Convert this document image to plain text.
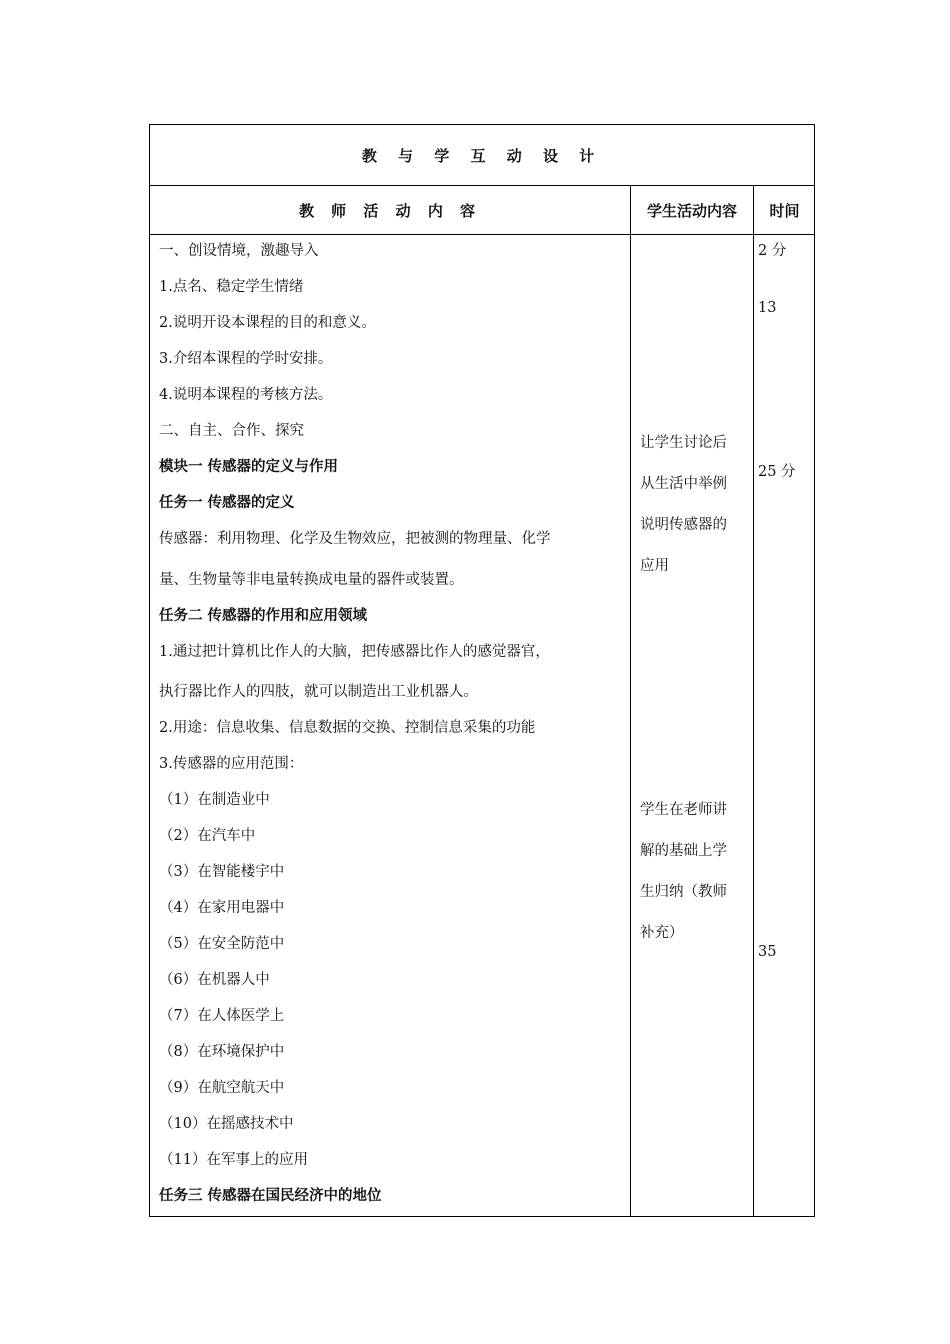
教 与 学 互 动 设 计
教 师 活 动 内 容	学生活动内容	时间
一、创设情境，激趣导入
1.点名、稳定学生情绪
2.说明开设本课程的目的和意义。
3.介绍本课程的学时安排。
4.说明本课程的考核方法。
二、自主、合作、探究
模块一 传感器的定义与作用
任务一 传感器的定义
传感器：利用物理、化学及生物效应，把被测的物理量、化学
量、生物量等非电量转换成电量的器件或装置。
任务二 传感器的作用和应用领域
1.通过把计算机比作人的大脑，把传感器比作人的感觉器官，
执行器比作人的四肢，就可以制造出工业机器人。
2.用途：信息收集、信息数据的交换、控制信息采集的功能
3.传感器的应用范围：
（1）在制造业中
（2）在汽车中
（3）在智能楼宇中
（4）在家用电器中
（5）在安全防范中
（6）在机器人中
（7）在人体医学上
（8）在环境保护中
（9）在航空航天中
（10）在摇感技术中
（11）在军事上的应用
任务三 传感器在国民经济中的地位
让学生讨论后
从生活中举例
说明传感器的
应用
学生在老师讲
解的基础上学
生归纳（教师
补充）
2 分
13
25 分
35
